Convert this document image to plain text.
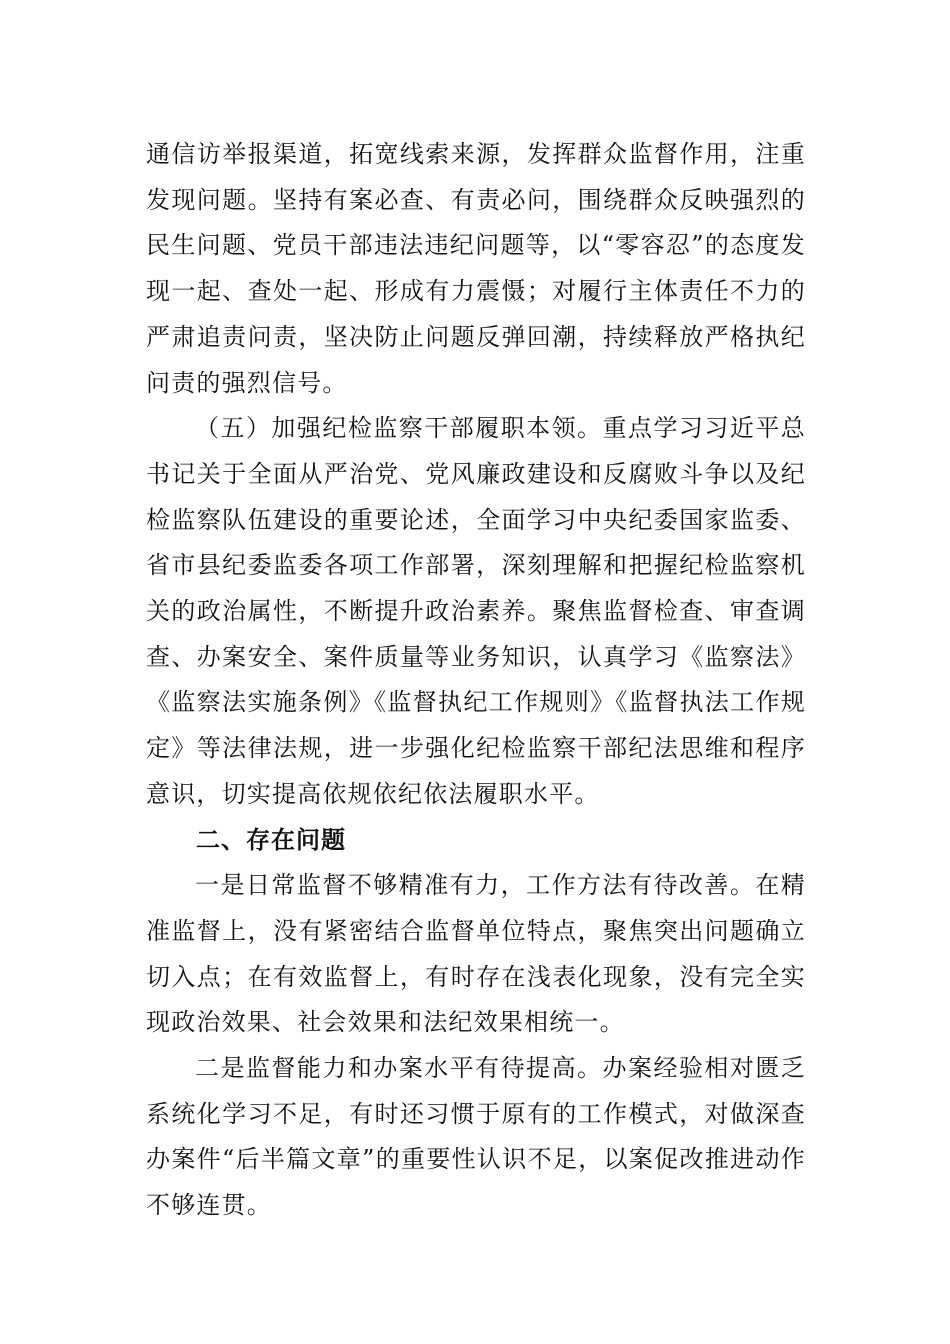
通信访举报渠道，拓宽线索来源，发挥群众监督作用，注重发现问题。坚持有案必查、有责必问，围绕群众反映强烈的民生问题、党员干部违法违纪问题等，以“零容忍”的态度发现一起、查处一起、形成有力震慑；对履行主体责任不力的严肃追责问责，坚决防止问题反弹回潮，持续释放严格执纪问责的强烈信号。

（五）加强纪检监察干部履职本领。重点学习习近平总书记关于全面从严治党、党风廉政建设和反腐败斗争以及纪检监察队伍建设的重要论述，全面学习中央纪委国家监委、省市县纪委监委各项工作部署，深刻理解和把握纪检监察机关的政治属性，不断提升政治素养。聚焦监督检查、审查调查、办案安全、案件质量等业务知识，认真学习《监察法》《监察法实施条例》《监督执纪工作规则》《监督执法工作规定》等法律法规，进一步强化纪检监察干部纪法思维和程序意识，切实提高依规依纪依法履职水平。

二、存在问题

一是日常监督不够精准有力，工作方法有待改善。在精准监督上，没有紧密结合监督单位特点，聚焦突出问题确立切入点；在有效监督上，有时存在浅表化现象，没有完全实现政治效果、社会效果和法纪效果相统一。

二是监督能力和办案水平有待提高。办案经验相对匮乏系统化学习不足，有时还习惯于原有的工作模式，对做深查办案件“后半篇文章”的重要性认识不足，以案促改推进动作不够连贯。
